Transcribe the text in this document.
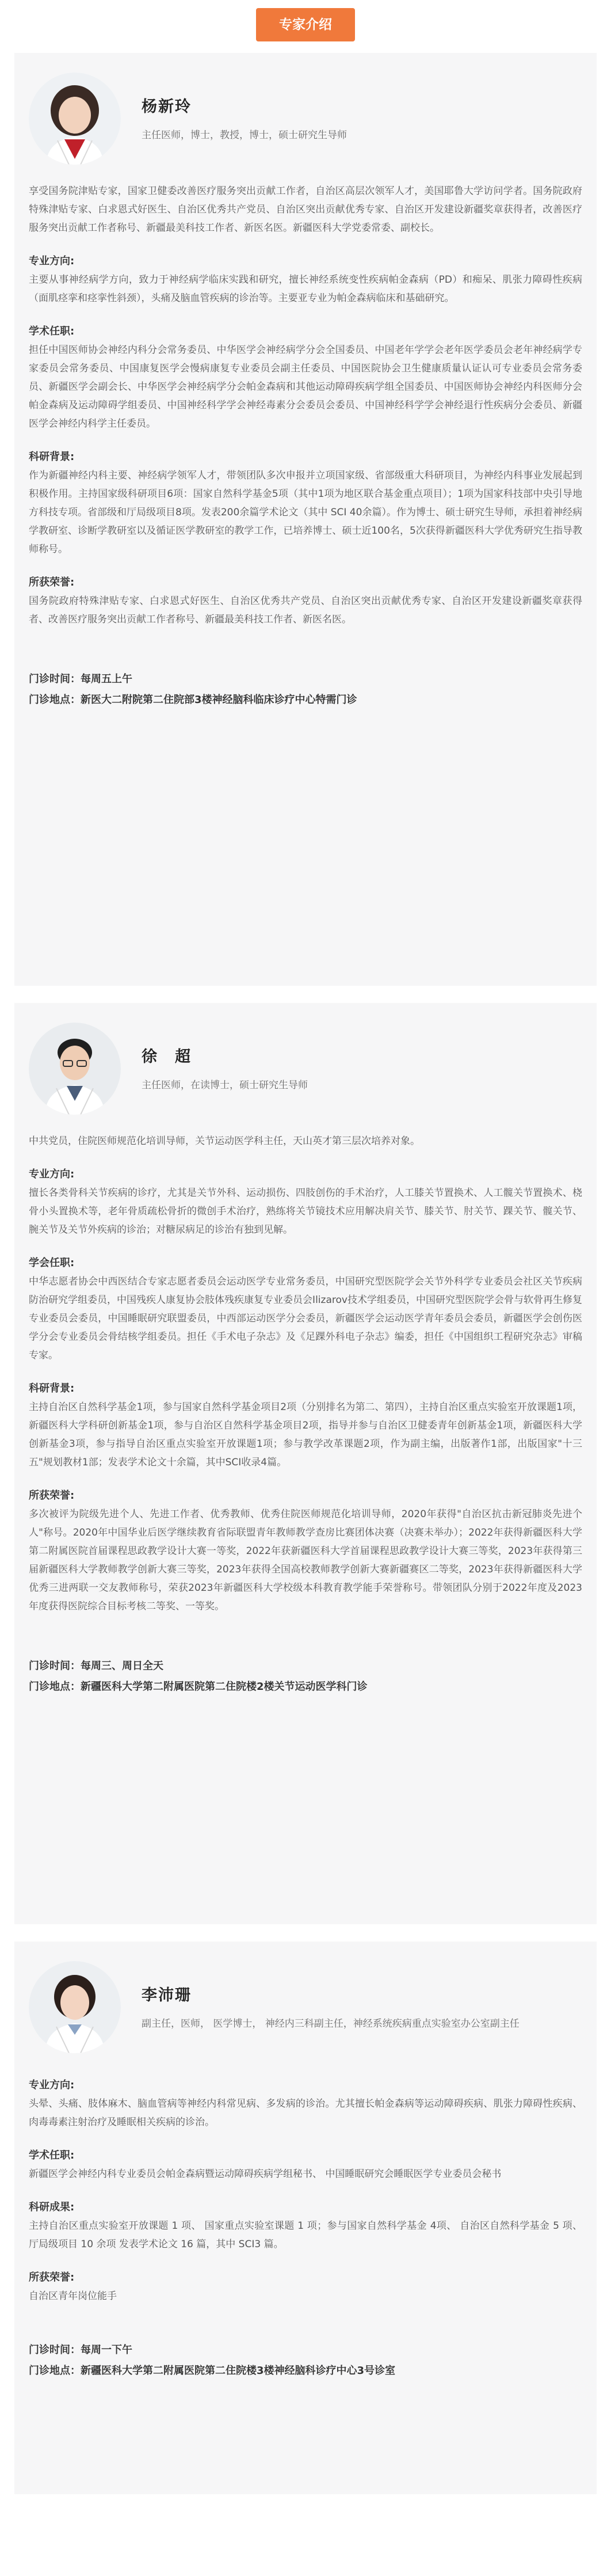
专家介绍
杨新玲
主任医师，博士，教授，博士，硕士研究生导师
享受国务院津贴专家，国家卫健委改善医疗服务突出贡献工作者，自治区高层次领军人才，美国耶鲁大学访问学者。国务院政府特殊津贴专家、白求恩式好医生、自治区优秀共产党员、自治区突出贡献优秀专家、自治区开发建设新疆奖章获得者，改善医疗服务突出贡献工作者称号、新疆最美科技工作者、新医名医。新疆医科大学党委常委、副校长。
专业方向:
主要从事神经病学方向，致力于神经病学临床实践和研究，擅长神经系统变性疾病帕金森病（PD）和痴呆、肌张力障碍性疾病（面肌痉挛和痉挛性斜颈），头痛及脑血管疾病的诊治等。主要亚专业为帕金森病临床和基础研究。
学术任职:
担任中国医师协会神经内科分会常务委员、中华医学会神经病学分会全国委员、中国老年学学会老年医学委员会老年神经病学专家委员会常务委员、中国康复医学会慢病康复专业委员会副主任委员、中国医院协会卫生健康质量认证认可专业委员会常务委员、新疆医学会副会长、中华医学会神经病学分会帕金森病和其他运动障碍疾病学组全国委员、中国医师协会神经内科医师分会帕金森病及运动障碍学组委员、中国神经科学学会神经毒素分会委员会委员、中国神经科学学会神经退行性疾病分会委员、新疆医学会神经内科学主任委员。
科研背景:
作为新疆神经内科主要、神经病学领军人才，带领团队多次申报并立项国家级、省部级重大科研项目，为神经内科事业发展起到积极作用。主持国家级科研项目6项：国家自然科学基金5项（其中1项为地区联合基金重点项目）；1项为国家科技部中央引导地方科技专项。省部级和厅局级项目8项。发表200余篇学术论文（其中 SCI 40余篇）。作为博士、硕士研究生导师，承担着神经病学教研室、诊断学教研室以及循证医学教研室的教学工作，已培养博士、硕士近100名，5次获得新疆医科大学优秀研究生指导教师称号。
所获荣誉:
国务院政府特殊津贴专家、白求恩式好医生、自治区优秀共产党员、自治区突出贡献优秀专家、自治区开发建设新疆奖章获得者、改善医疗服务突出贡献工作者称号、新疆最美科技工作者、新医名医。
门诊时间：每周五上午
门诊地点：新医大二附院第二住院部3楼神经脑科临床诊疗中心特需门诊
徐　超
主任医师，在读博士，硕士研究生导师
中共党员，住院医师规范化培训导师，关节运动医学科主任，天山英才第三层次培养对象。
专业方向:
擅长各类骨科关节疾病的诊疗，尤其是关节外科、运动损伤、四肢创伤的手术治疗，人工膝关节置换术、人工髋关节置换术、桡骨小头置换术等，老年骨质疏松骨折的微创手术治疗，熟练将关节镜技术应用解决肩关节、膝关节、肘关节、踝关节、髋关节、腕关节及关节外疾病的诊治；对糖尿病足的诊治有独到见解。
学会任职:
中华志愿者协会中西医结合专家志愿者委员会运动医学专业常务委员，中国研究型医院学会关节外科学专业委员会社区关节疾病防治研究学组委员，中国残疾人康复协会肢体残疾康复专业委员会Ilizarov技术学组委员，中国研究型医院学会骨与软骨再生修复专业委员会委员，中国睡眠研究联盟委员，中西部运动医学分会委员，新疆医学会运动医学青年委员会委员，新疆医学会创伤医学分会专业委员会骨结核学组委员。担任《手术电子杂志》及《足踝外科电子杂志》编委，担任《中国组织工程研究杂志》审稿专家。
科研背景:
主持自治区自然科学基金1项，参与国家自然科学基金项目2项（分别排名为第二、第四），主持自治区重点实验室开放课题1项，新疆医科大学科研创新基金1项，参与自治区自然科学基金项目2项，指导并参与自治区卫健委青年创新基金1项，新疆医科大学创新基金3项，参与指导自治区重点实验室开放课题1项；参与教学改革课题2项，作为副主编，出版著作1部，出版国家"十三五"规划教材1部；发表学术论文十余篇，其中SCI收录4篇。
所获荣誉:
多次被评为院级先进个人、先进工作者、优秀教师、优秀住院医师规范化培训导师，2020年获得"自治区抗击新冠肺炎先进个人"称号。2020年中国华业后医学继续教育省际联盟青年教师教学查房比赛团体决赛（决赛未举办）；2022年获得新疆医科大学第二附属医院首届课程思政教学设计大赛一等奖，2022年获新疆医科大学首届课程思政教学设计大赛三等奖，2023年获得第三届新疆医科大学教师教学创新大赛三等奖，2023年获得全国高校教师教学创新大赛新疆赛区二等奖，2023年获得新疆医科大学优秀三进两联一交友教师称号，荣获2023年新疆医科大学校级本科教育教学能手荣誉称号。带领团队分别于2022年度及2023年度获得医院综合目标考核二等奖、一等奖。
门诊时间：每周三、周日全天
门诊地点：新疆医科大学第二附属医院第二住院楼2楼关节运动医学科门诊
李沛珊
副主任，医师， 医学博士， 神经内三科副主任，神经系统疾病重点实验室办公室副主任
专业方向:
头晕、头痛、肢体麻木、脑血管病等神经内科常见病、多发病的诊治。尤其擅长帕金森病等运动障碍疾病、肌张力障碍性疾病、肉毒毒素注射治疗及睡眠相关疾病的诊治。
学术任职:
新疆医学会神经内科专业委员会帕金森病暨运动障碍疾病学组秘书、 中国睡眠研究会睡眠医学专业委员会秘书
科研成果:
主持自治区重点实验室开放课题 1 项、 国家重点实验室课题 1 项；参与国家自然科学基金 4项、 自治区自然科学基金 5 项、 厅局级项目 10 余项 发表学术论文 16 篇，其中 SCI3 篇。
所获荣誉:
自治区青年岗位能手
门诊时间：每周一下午
门诊地点：新疆医科大学第二附属医院第二住院楼3楼神经脑科诊疗中心3号诊室
